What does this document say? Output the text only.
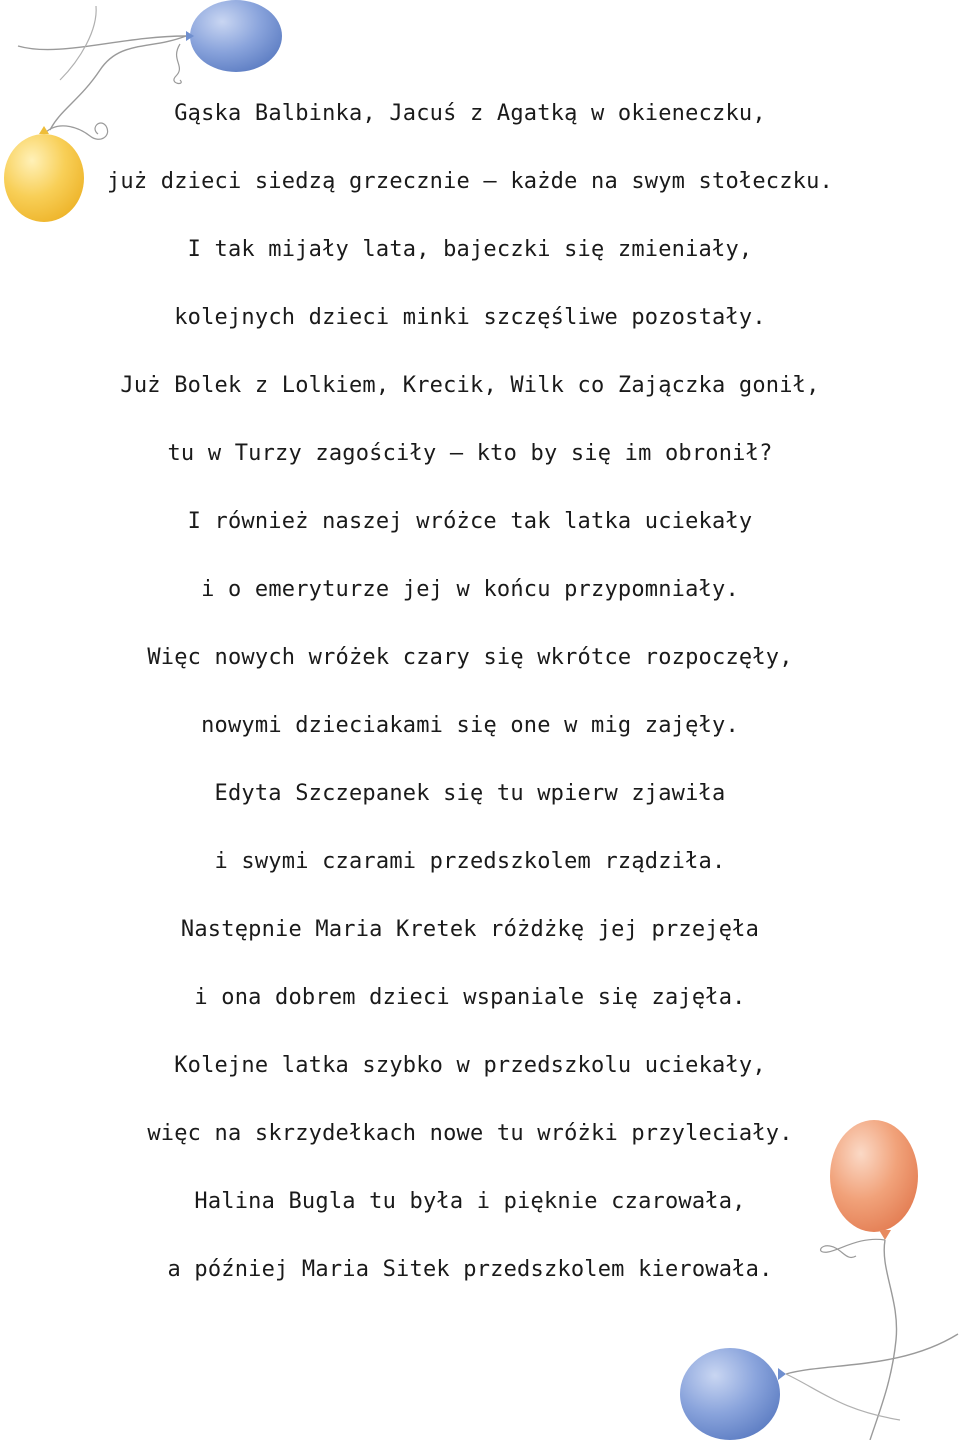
Gąska Balbinka, Jacuś z Agatką w okieneczku,
już dzieci siedzą grzecznie – każde na swym stołeczku.
I tak mijały lata, bajeczki się zmieniały,
kolejnych dzieci minki szczęśliwe pozostały.
Już Bolek z Lolkiem, Krecik, Wilk co Zajączka gonił,
tu w Turzy zagościły – kto by się im obronił?
I również naszej wróżce tak latka uciekały
i o emeryturze jej w końcu przypomniały.
Więc nowych wróżek czary się wkrótce rozpoczęły,
nowymi dzieciakami się one w mig zajęły.
Edyta Szczepanek się tu wpierw zjawiła
i swymi czarami przedszkolem rządziła.
Następnie Maria Kretek różdżkę jej przejęła
i ona dobrem dzieci wspaniale się zajęła.
Kolejne latka szybko w przedszkolu uciekały,
więc na skrzydełkach nowe tu wróżki przyleciały.
Halina Bugla tu była i pięknie czarowała,
a później Maria Sitek przedszkolem kierowała.
